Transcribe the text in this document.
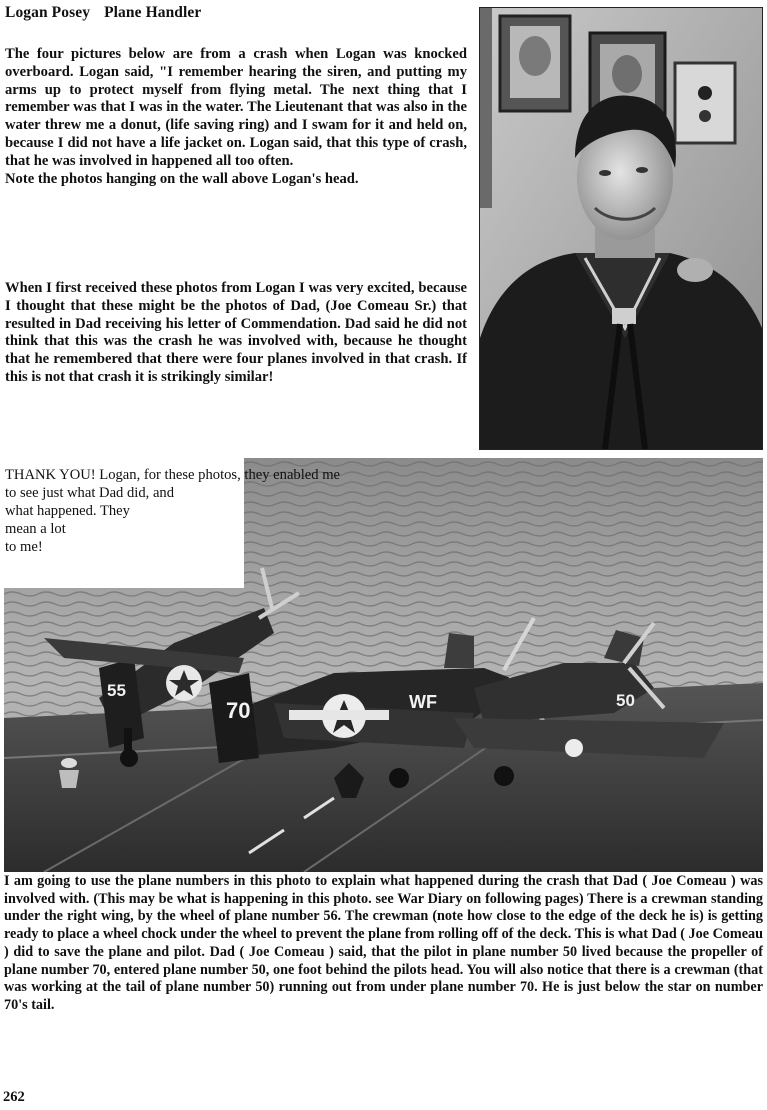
Logan Posey Plane Handler

The four pictures below are from a crash when Logan was knocked overboard. Logan said, "I remember hearing the siren, and putting my arms up to protect myself from flying metal. The next thing that I remember was that I was in the water. The Lieutenant that was also in the water threw me a donut, (life saving ring) and I swam for it and held on, because I did not have a life jacket on. Logan said, that this type of crash, that he was involved in happened all too often.
Note the photos hanging on the wall above Logan's head.

When I first received these photos from Logan I was very excited, because I thought that these might be the photos of Dad, (Joe Comeau Sr.) that resulted in Dad receiving his letter of Commendation. Dad said he did not think that this was the crash he was involved with, because he thought that he remembered that there were four planes involved in that crash. If this is not that crash it is strikingly similar!

55
70	WF	50
THANK YOU! Logan, for these photos, they enabled me
to see just what Dad did, and
what happened. They
mean a lot
to me!

I am going to use the plane numbers in this photo to explain what happened during the crash that Dad ( Joe Comeau ) was involved with. (This may be what is happening in this photo. see War Diary on following pages) There is a crewman standing under the right wing, by the wheel of plane number 56. The crewman (note how close to the edge of the deck he is) is getting ready to place a wheel chock under the wheel to prevent the plane from rolling off of the deck. This is what Dad ( Joe Comeau ) did to save the plane and pilot. Dad ( Joe Comeau ) said, that the pilot in plane number 50 lived because the propeller of plane number 70, entered plane number 50, one foot behind the pilots head. You will also notice that there is a crewman (that was working at the tail of plane number 50) running out from under plane number 70. He is just below the star on number 70's tail.

262
